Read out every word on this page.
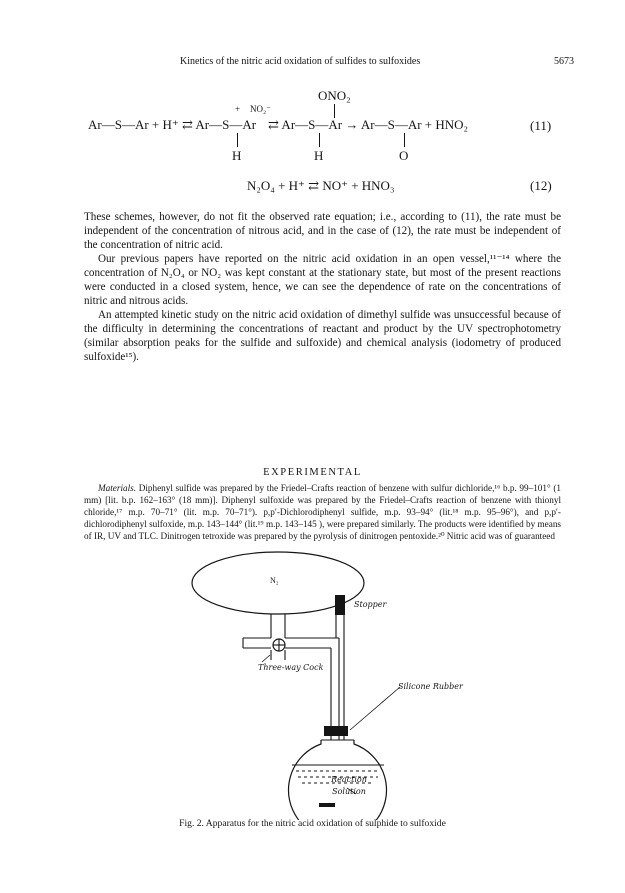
Kinetics of the nitric acid oxidation of sulfides to sulfoxides	5673
ONO₂
NO₂⁻
+
Ar—S—Ar + H⁺ ⇄ Ar—S—Ar ⇄ Ar—S—Ar → Ar—S—Ar + HNO₂	(11)
H	H	O
N₂O₄ + H⁺ ⇄ NO⁺ + HNO₃	(12)

These schemes, however, do not fit the observed rate equation; i.e., according to (11), the rate must be independent of the concentration of nitrous acid, and in the case of (12), the rate must be independent of the concentration of nitric acid.

Our previous papers have reported on the nitric acid oxidation in an open vessel,¹¹⁻¹⁴ where the concentration of N₂O₄ or NO₂ was kept constant at the stationary state, but most of the present reactions were conducted in a closed system, hence, we can see the dependence of rate on the concentrations of nitric and nitrous acids.

An attempted kinetic study on the nitric acid oxidation of dimethyl sulfide was unsuccessful because of the difficulty in determining the concentrations of reactant and product by the UV spectrophotometry (similar absorption peaks for the sulfide and sulfoxide) and chemical analysis (iodometry of produced sulfoxide¹⁵).

EXPERIMENTAL

Materials. Diphenyl sulfide was prepared by the Friedel–Crafts reaction of benzene with sulfur dichloride,¹⁶ b.p. 99–101° (1 mm) [lit. b.p. 162–163° (18 mm)]. Diphenyl sulfoxide was prepared by the Friedel–Crafts reaction of benzene with thionyl chloride,¹⁷ m.p. 70–71° (lit. m.p. 70–71°). p,p′-Dichlorodiphenyl sulfide, m.p. 93–94° (lit.¹⁸ m.p. 95–96°), and p,p′-dichlorodiphenyl sulfoxide, m.p. 143–144° (lit.¹⁹ m.p. 143–145 ), were prepared similarly. The products were identified by means of IR, UV and TLC. Dinitrogen tetroxide was prepared by the pyrolysis of dinitrogen pentoxide.²⁰ Nitric acid was of guaranteed

N₂
Stopper
Three-way Cock
Silicone Rubber
Reaction Solution
Fig. 2. Apparatus for the nitric acid oxidation of sulphide to sulfoxide
